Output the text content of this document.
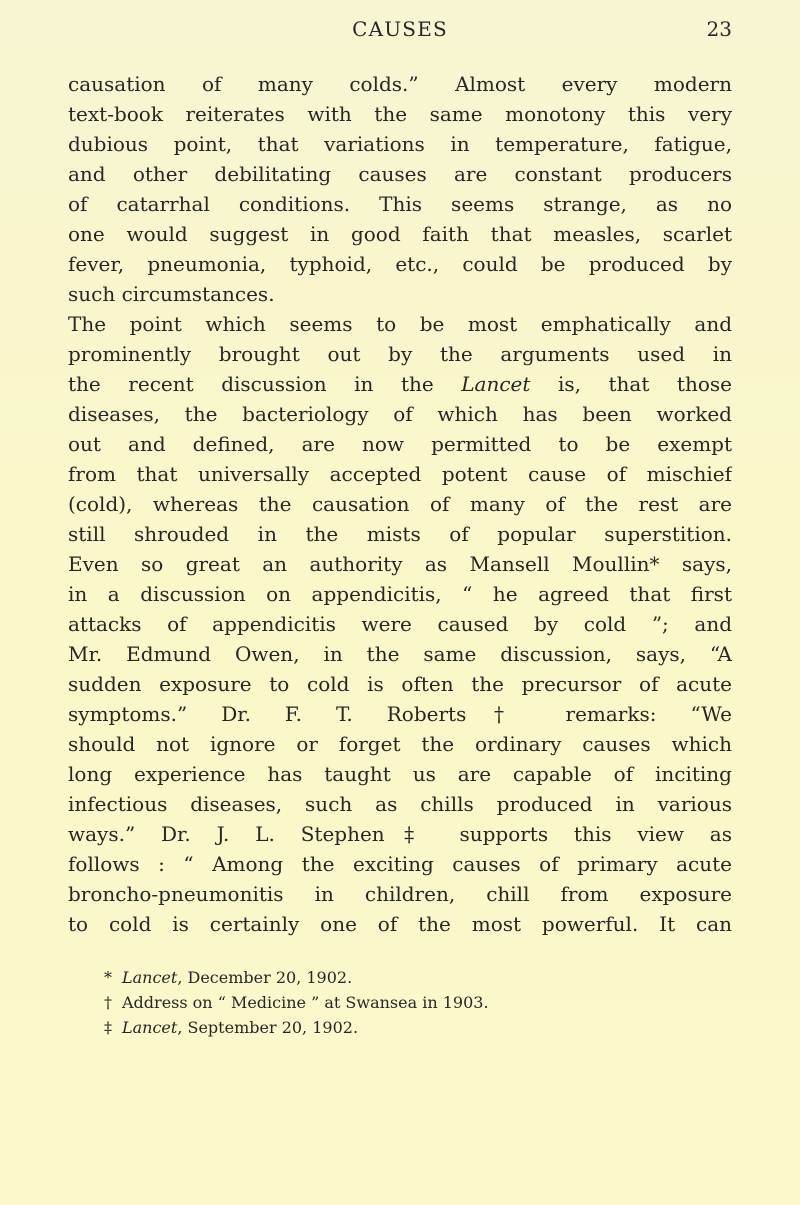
CAUSES	23
causation of many colds.” Almost every modern
text-book reiterates with the same monotony this very
dubious point, that variations in temperature, fatigue,
and other debilitating causes are constant producers
of catarrhal conditions. This seems strange, as no
one would suggest in good faith that measles, scarlet
fever, pneumonia, typhoid, etc., could be produced by
such circumstances.
The point which seems to be most emphatically and
prominently brought out by the arguments used in
the recent discussion in the Lancet is, that those
diseases, the bacteriology of which has been worked
out and defined, are now permitted to be exempt
from that universally accepted potent cause of mischief
(cold), whereas the causation of many of the rest are
still shrouded in the mists of popular superstition.
Even so great an authority as Mansell Moullin* says,
in a discussion on appendicitis, “ he agreed that first
attacks of appendicitis were caused by cold ”; and
Mr. Edmund Owen, in the same discussion, says, “A
sudden exposure to cold is often the precursor of acute
symptoms.” Dr. F. T. Roberts† remarks: “We
should not ignore or forget the ordinary causes which
long experience has taught us are capable of inciting
infectious diseases, such as chills produced in various
ways.” Dr. J. L. Stephen‡ supports this view as
follows : “ Among the exciting causes of primary acute
broncho-pneumonitis in children, chill from exposure
to cold is certainly one of the most powerful. It can
* Lancet, December 20, 1902.
† Address on “ Medicine ” at Swansea in 1903.
‡ Lancet, September 20, 1902.
